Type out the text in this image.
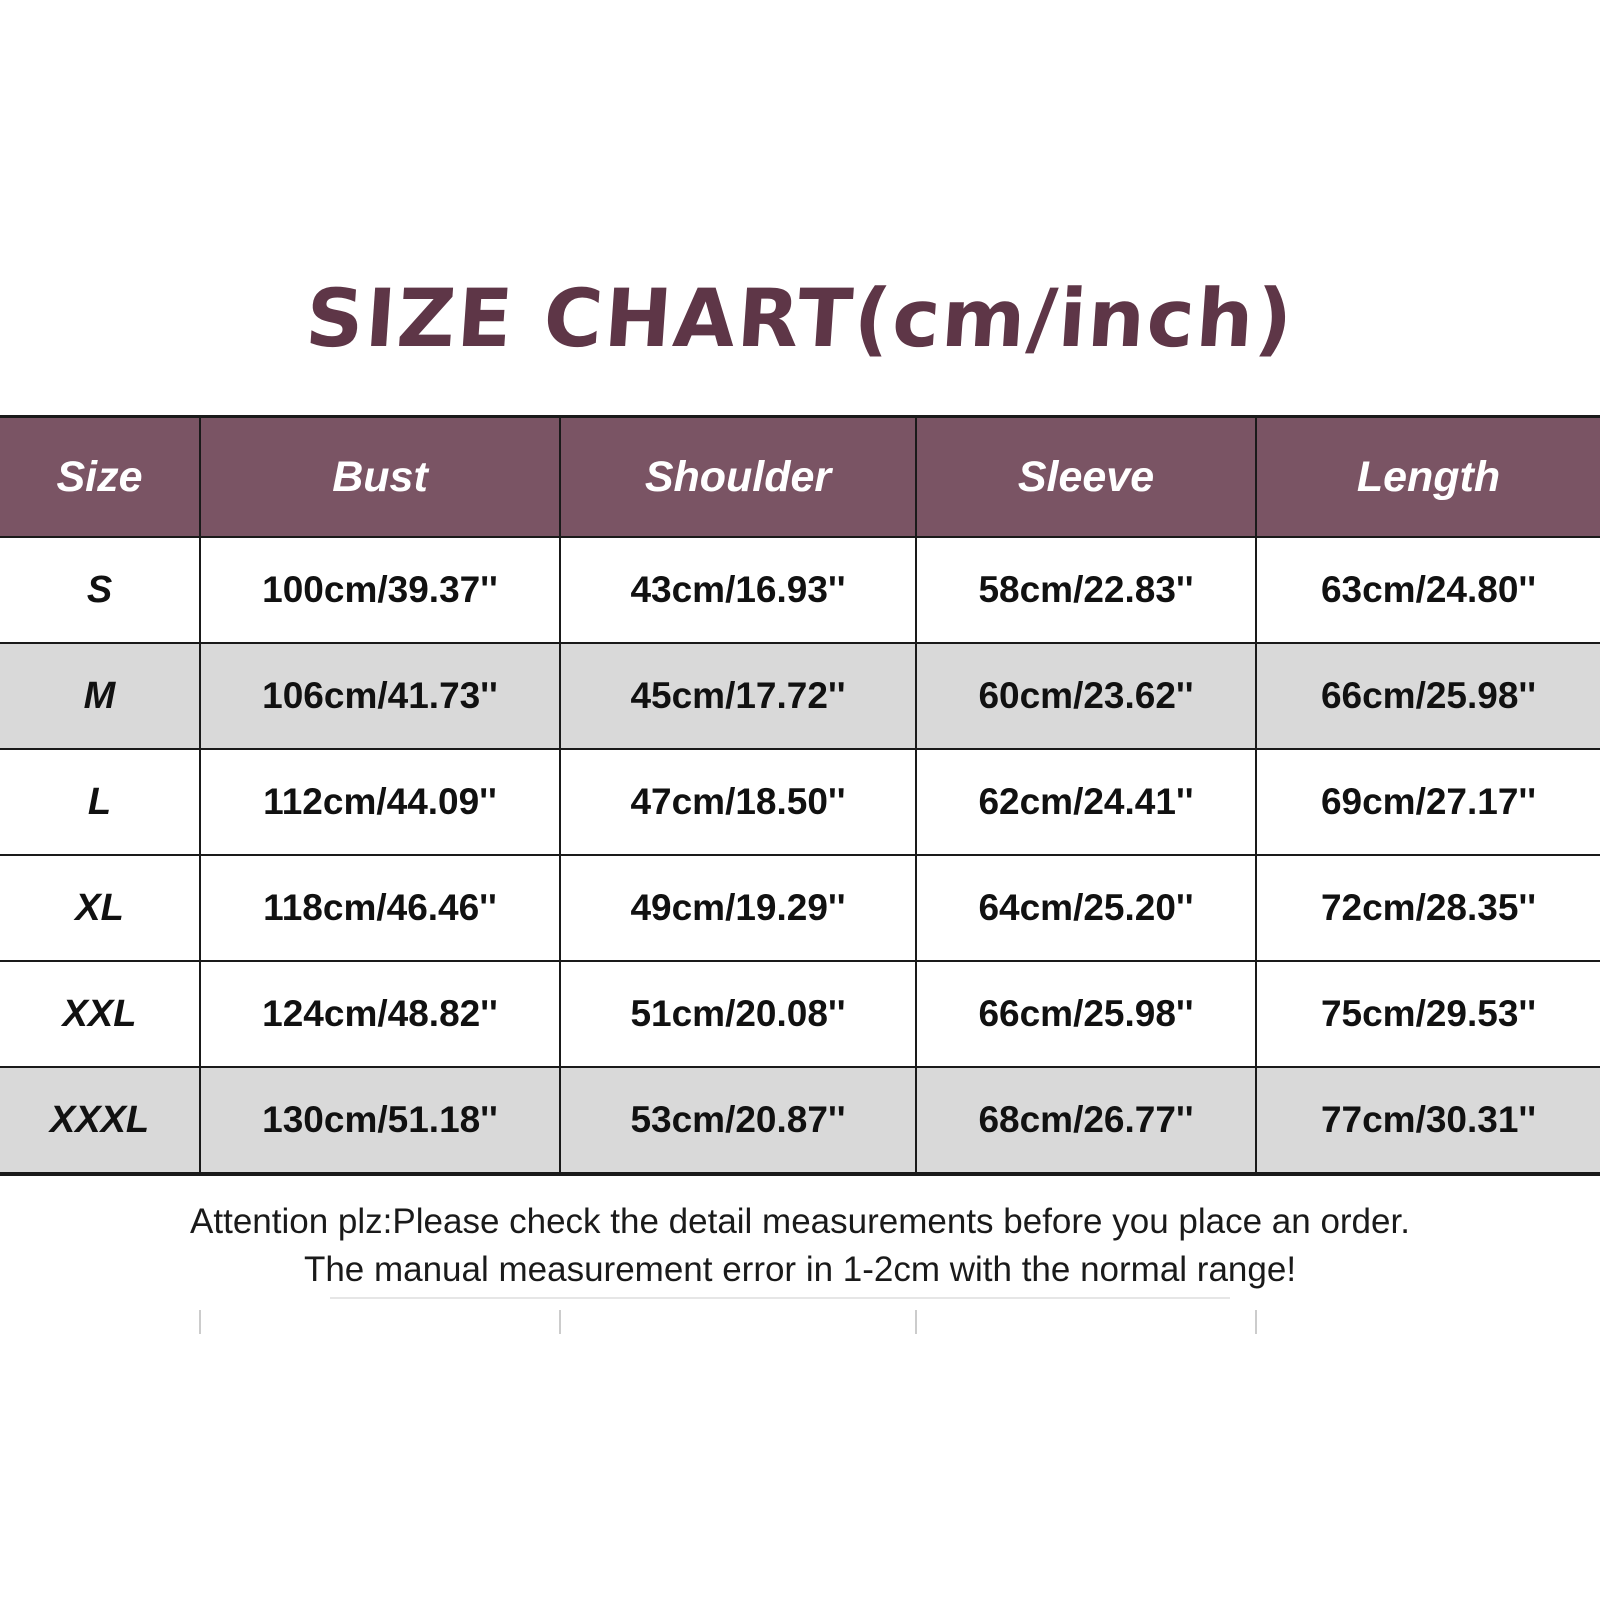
SIZE CHART(cm/inch)
Size	Bust	Shoulder	Sleeve	Length
S	100cm/39.37''	43cm/16.93''	58cm/22.83''	63cm/24.80''
M	106cm/41.73''	45cm/17.72''	60cm/23.62''	66cm/25.98''
L	112cm/44.09''	47cm/18.50''	62cm/24.41''	69cm/27.17''
XL	118cm/46.46''	49cm/19.29''	64cm/25.20''	72cm/28.35''
XXL	124cm/48.82''	51cm/20.08''	66cm/25.98''	75cm/29.53''
XXXL	130cm/51.18''	53cm/20.87''	68cm/26.77''	77cm/30.31''
Attention plz:Please check the detail measurements before you place an order.
The manual measurement error in 1-2cm with the normal range!
